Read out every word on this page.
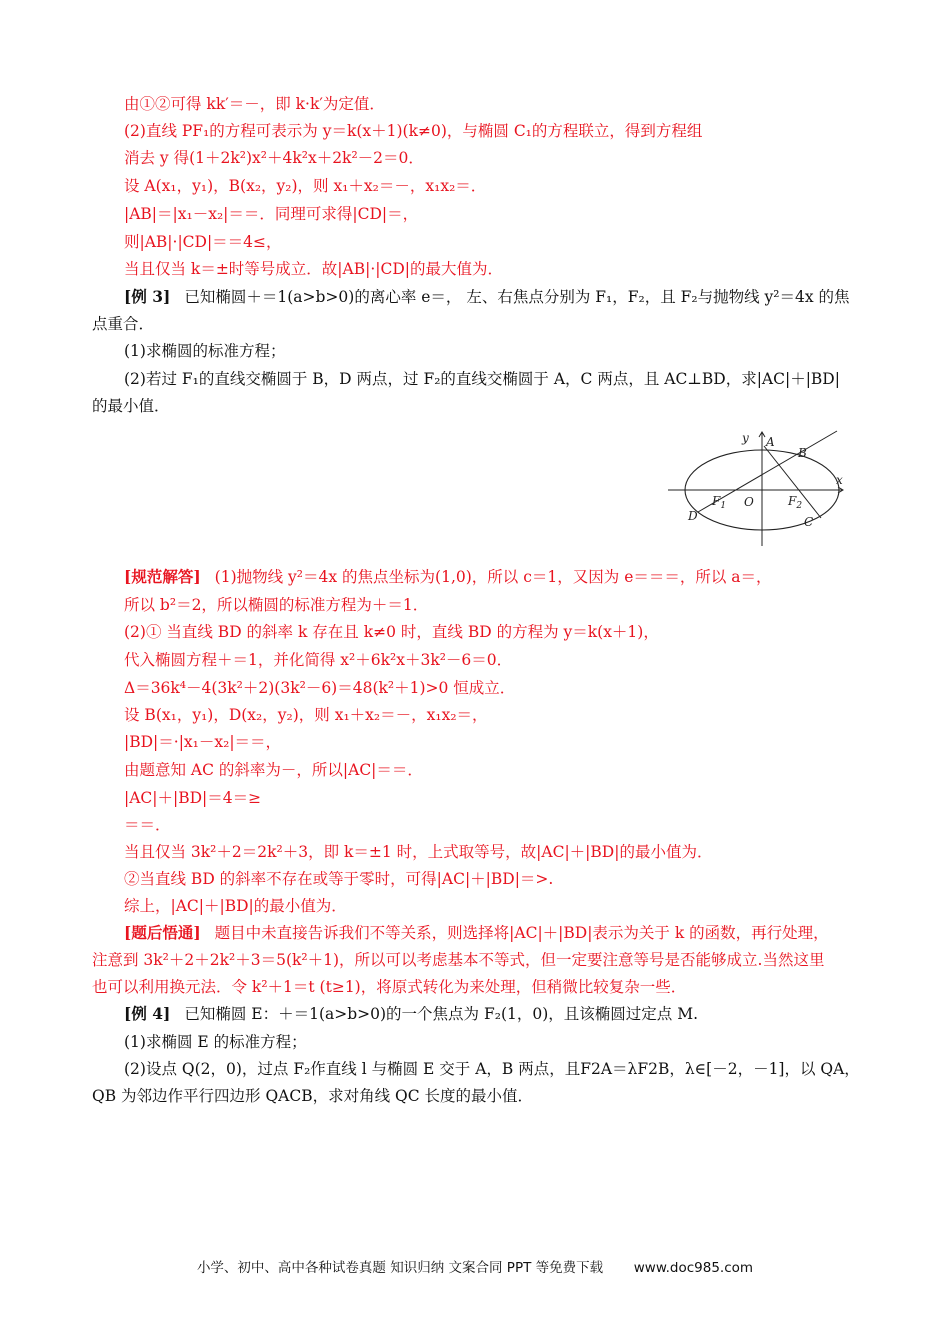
由①②可得 kk′＝－，即 k·k′为定值．
(2)直线 PF₁的方程可表示为 y＝k(x＋1)(k≠0)，与椭圆 C₁的方程联立，得到方程组
消去 y 得(1＋2k²)x²＋4k²x＋2k²－2＝0．
设 A(x₁，y₁)，B(x₂，y₂)，则 x₁＋x₂＝－，x₁x₂＝．
|AB|＝|x₁－x₂|＝＝．同理可求得|CD|＝，
则|AB|·|CD|＝＝4≤，
当且仅当 k＝±时等号成立．故|AB|·|CD|的最大值为．
[例 3] 已知椭圆＋＝1(a>b>0)的离心率 e＝， 左、右焦点分别为 F₁，F₂，且 F₂与抛物线 y²＝4x 的焦
点重合．
(1)求椭圆的标准方程；
(2)若过 F₁的直线交椭圆于 B，D 两点，过 F₂的直线交椭圆于 A，C 两点，且 AC⊥BD，求|AC|＋|BD|
的最小值．
y
x
A
B
C
D
O
$F_1$	$F_2$
[规范解答] (1)抛物线 y²＝4x 的焦点坐标为(1,0)，所以 c＝1，又因为 e＝＝＝，所以 a＝，
所以 b²＝2，所以椭圆的标准方程为＋＝1．
(2)① 当直线 BD 的斜率 k 存在且 k≠0 时，直线 BD 的方程为 y＝k(x＋1)，
代入椭圆方程＋＝1，并化简得 x²＋6k²x＋3k²－6＝0．
Δ＝36k⁴－4(3k²＋2)(3k²－6)＝48(k²＋1)>0 恒成立．
设 B(x₁，y₁)，D(x₂，y₂)，则 x₁＋x₂＝－，x₁x₂＝，
|BD|＝·|x₁－x₂|＝＝，
由题意知 AC 的斜率为－，所以|AC|＝＝．
|AC|＋|BD|＝4＝≥
＝＝．
当且仅当 3k²＋2＝2k²＋3，即 k＝±1 时，上式取等号，故|AC|＋|BD|的最小值为．
②当直线 BD 的斜率不存在或等于零时，可得|AC|＋|BD|＝>.
综上，|AC|＋|BD|的最小值为．
[题后悟通] 题目中未直接告诉我们不等关系，则选择将|AC|＋|BD|表示为关于 k 的函数，再行处理，
注意到 3k²＋2＋2k²＋3＝5(k²＋1)，所以可以考虑基本不等式，但一定要注意等号是否能够成立.当然这里
也可以利用换元法．令 k²＋1＝t (t≥1)，将原式转化为来处理，但稍微比较复杂一些．
[例 4] 已知椭圆 E：＋＝1(a>b>0)的一个焦点为 F₂(1，0)，且该椭圆过定点 M.
(1)求椭圆 E 的标准方程；
(2)设点 Q(2，0)，过点 F₂作直线 l 与椭圆 E 交于 A，B 两点，且F2A＝λF2B，λ∈[－2，－1]，以 QA，
QB 为邻边作平行四边形 QACB，求对角线 QC 长度的最小值．
小学、初中、高中各种试卷真题 知识归纳 文案合同 PPT 等免费下载 www.doc985.com
